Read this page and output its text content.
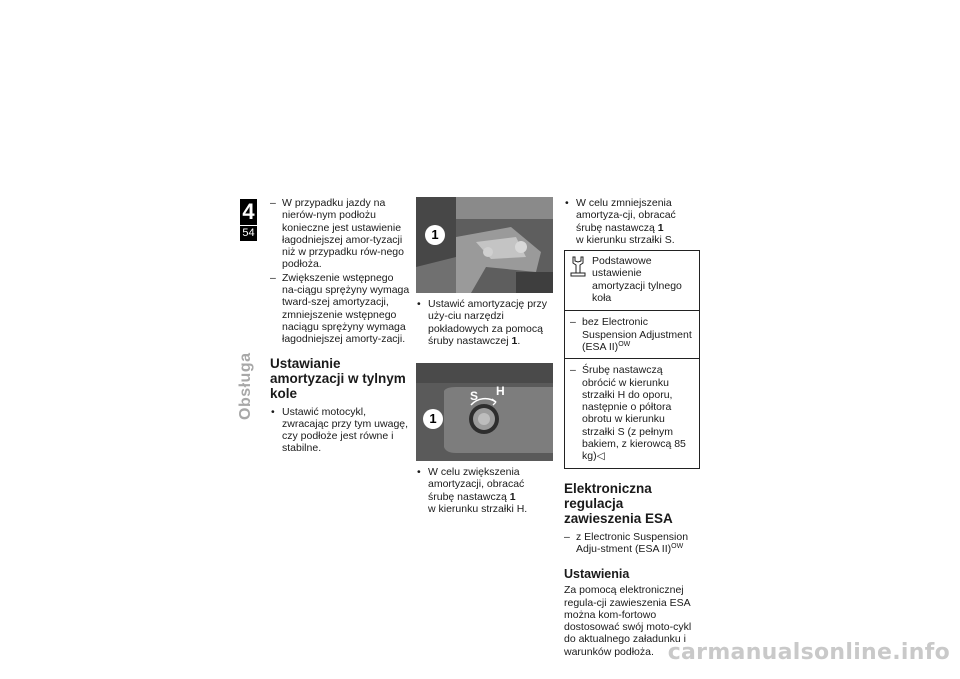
4
54
Obsługa
– W przypadku jazdy na nierów-nym podłożu konieczne jest ustawienie łagodniejszej amor-tyzacji niż w przypadku rów-nego podłoża.
– Zwiększenie wstępnego na-ciągu sprężyny wymaga tward-szej amortyzacji, zmniejszenie wstępnego naciągu sprężyny wymaga łagodniejszej amorty-zacji.
Ustawianie amortyzacji w tylnym kole
• Ustawić motocykl, zwracając przy tym uwagę, czy podłoże jest równe i stabilne.
1
• Ustawić amortyzację przy uży-ciu narzędzi pokładowych za pomocą śruby nastawczej 1.
1
S H
• W celu zwiększenia amortyzacji, obracać śrubę nastawczą 1
w kierunku strzałki H.
• W celu zmniejszenia amortyza-cji, obracać śrubę nastawczą 1
w kierunku strzałki S.
Podstawowe ustawienie amortyzacji tylnego koła
– bez Electronic Suspension Adjustment (ESA II)$^{OW}$
– Śrubę nastawczą obrócić w kierunku strzałki H do oporu, następnie o półtora obrotu w kierunku strzałki S (z pełnym bakiem, z kierowcą 85 kg)◁
Elektroniczna regulacja zawieszenia ESA
– z Electronic Suspension Adju-stment (ESA II)$^{OW}$
Ustawienia

Za pomocą elektronicznej regula-cji zawieszenia ESA można kom-fortowo dostosować swój moto-cykl do aktualnego załadunku i warunków podłoża. carmanualsonline.info
